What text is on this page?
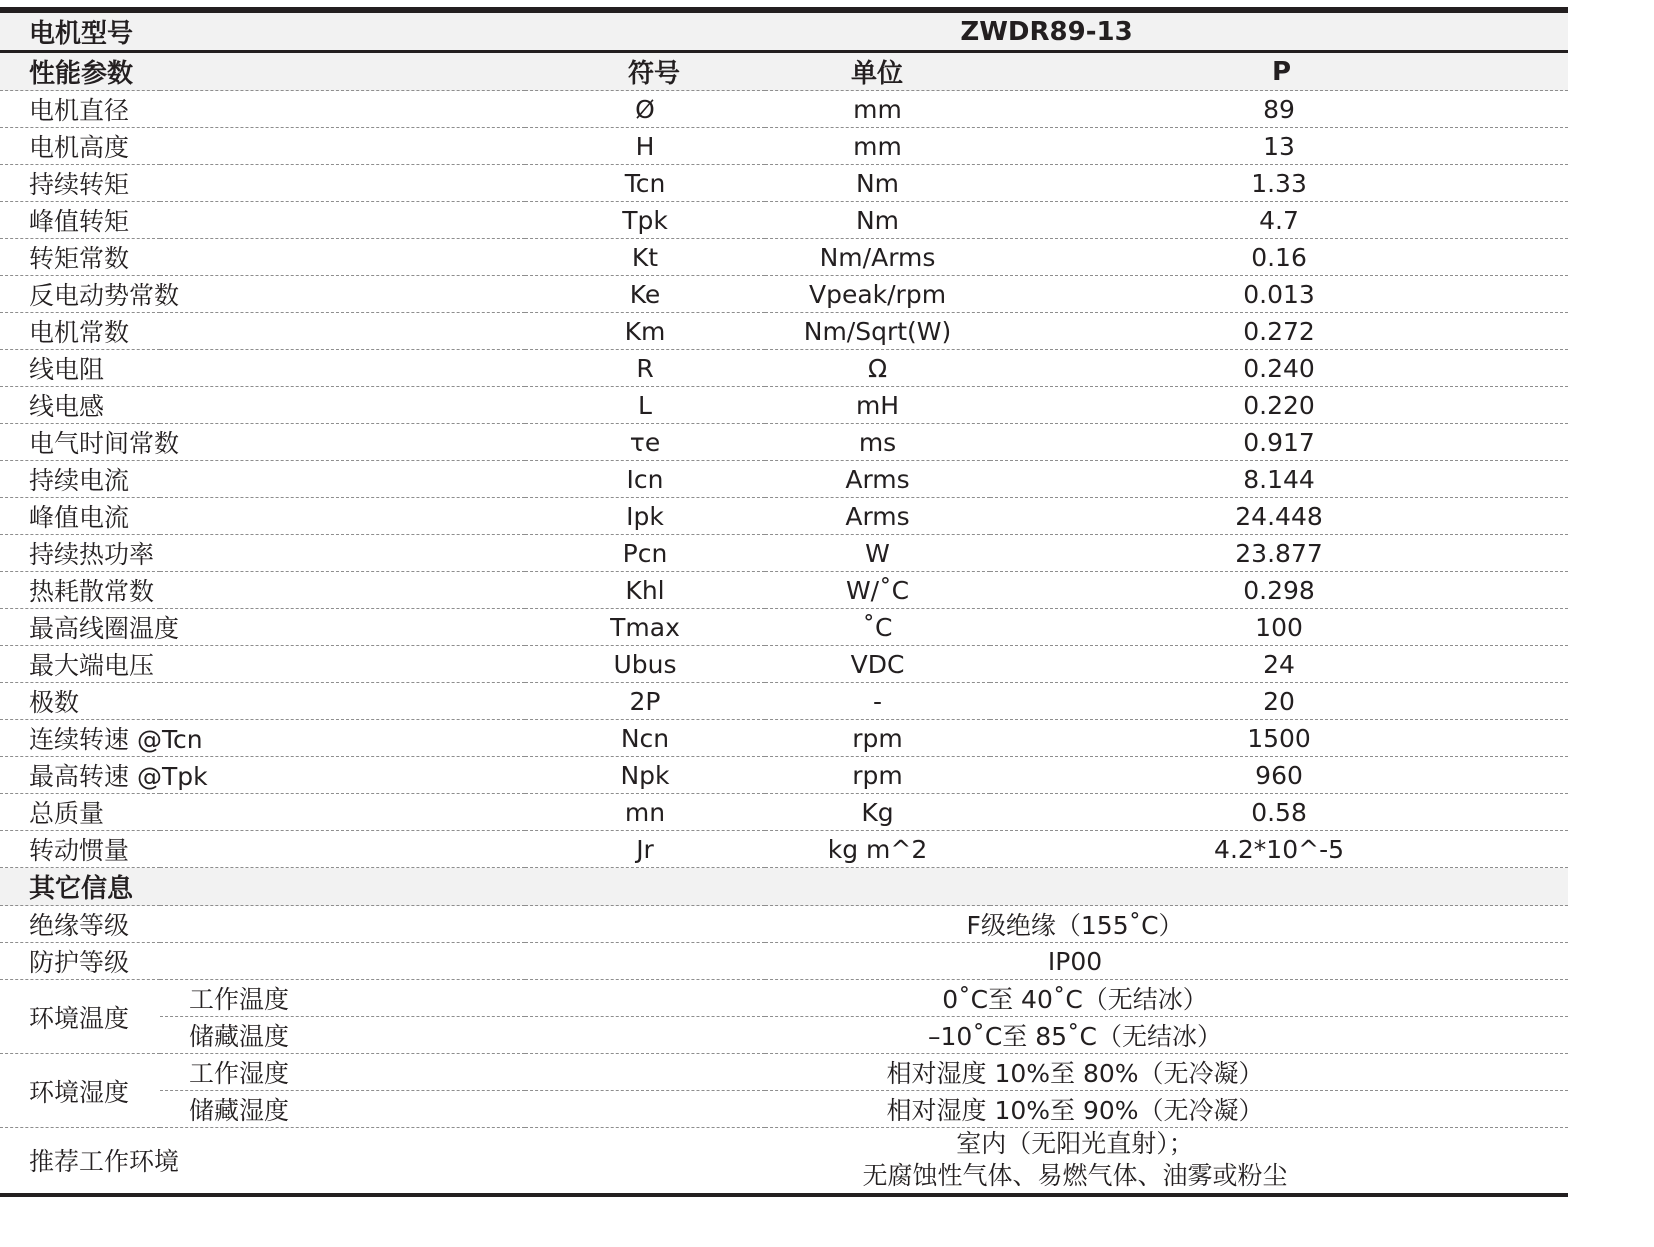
电机型号		ZWDR89-13		
性能参数		符号	单位	P
电机直径		Ø	mm	89
电机高度		H	mm	13
持续转矩		Tcn	Nm	1.33
峰值转矩		Tpk	Nm	4.7
转矩常数		Kt	Nm/Arms	0.16
反电动势常数		Ke	Vpeak/rpm	0.013
电机常数		Km	Nm/Sqrt(W)	0.272
线电阻		R	Ω	0.240
线电感		L	mH	0.220
电气时间常数		τe	ms	0.917
持续电流		Icn	Arms	8.144
峰值电流		Ipk	Arms	24.448
持续热功率		Pcn	W	23.877
热耗散常数		Khl	W/˚C	0.298
最高线圈温度		Tmax	˚C	100
最大端电压		Ubus	VDC	24
极数		2P	-	20
连续转速 @Tcn		Ncn	rpm	1500
最高转速 @Tpk		Npk	rpm	960
总质量		mn	Kg	0.58
转动惯量		Jr	kg m^2	4.2*10^-5
其它信息				
绝缘等级		F级绝缘（155˚C）		
防护等级		IP00		
环境温度	工作温度	0˚C至 40˚C（无结冰）		
	储藏温度	–10˚C至 85˚C（无结冰）		
环境湿度	工作湿度	相对湿度 10%至 80%（无冷凝）		
	储藏湿度	相对湿度 10%至 90%（无冷凝）		
推荐工作环境		室内（无阳光直射）；
无腐蚀性气体、易燃气体、油雾或粉尘		
